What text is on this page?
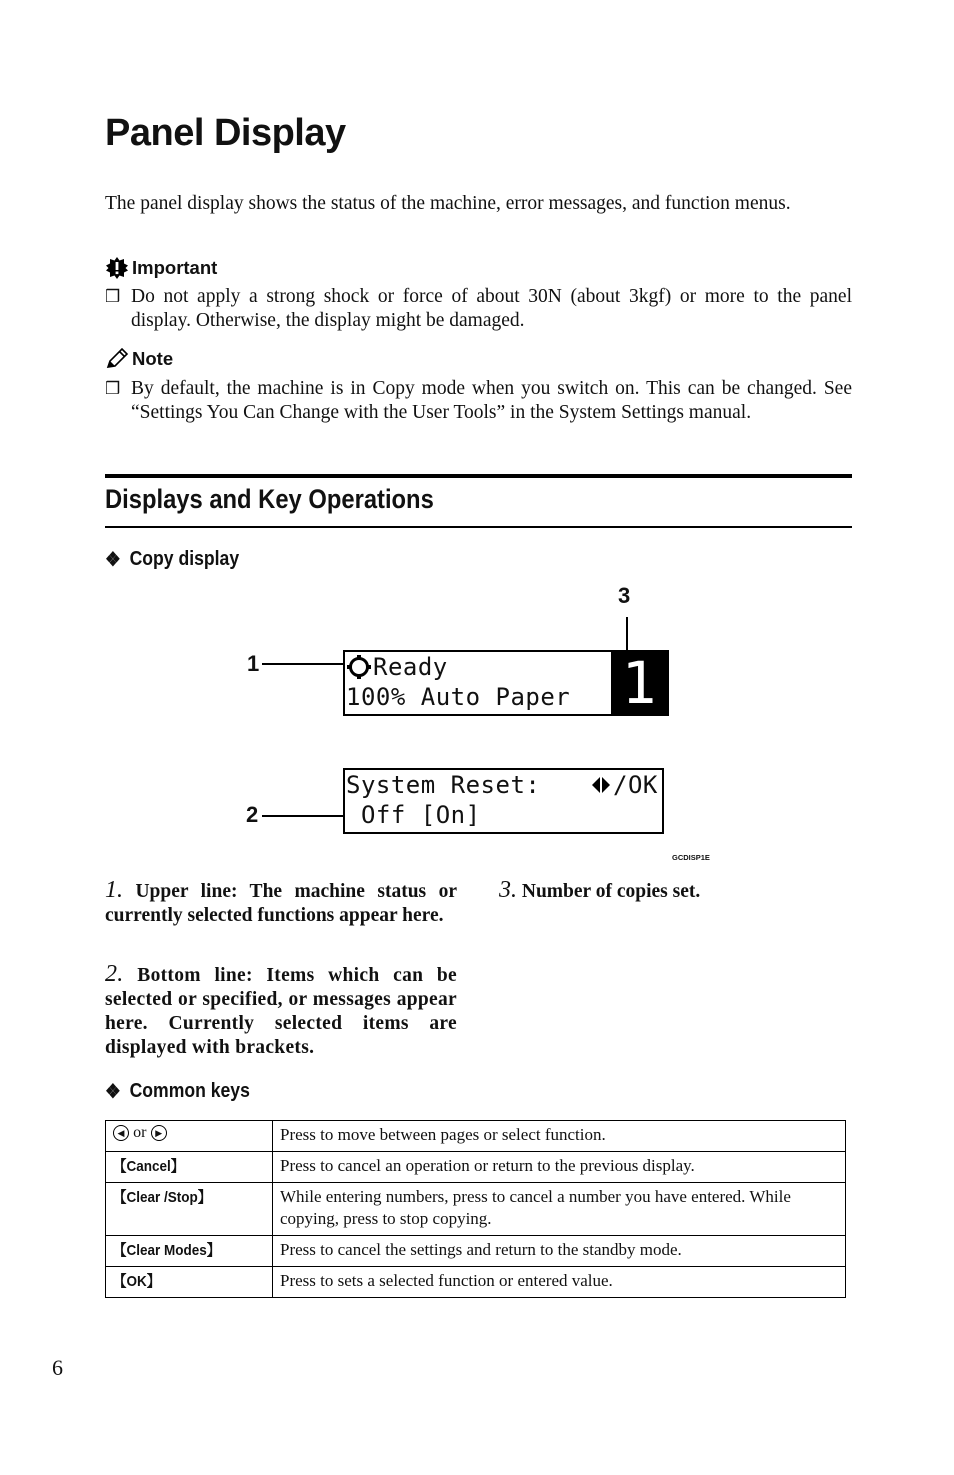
Panel Display
The panel display shows the status of the machine, error messages, and function menus.
Important
❒ Do not apply a strong shock or force of about 30N (about 3kgf) or more to the panel display. Otherwise, the display might be damaged.
Note
❒ By default, the machine is in Copy mode when you switch on. This can be changed. See “Settings You Can Change with the User Tools” in the System Settings manual.
Displays and Key Operations
❖ Copy display
3
1	Ready
100% Auto Paper 1
System Reset:	/OK
Off [On]
2
GCDISP1E
1. Upper line: The machine status or currently selected functions appear here.
2. Bottom line: Items which can be selected or specified, or messages appear here. Currently selected items are displayed with brackets.
3. Number of copies set.
❖ Common keys
◀ or ▶	Press to move between pages or select function.
【Cancel】	Press to cancel an operation or return to the previous display.
【Clear /Stop】	While entering numbers, press to cancel a number you have entered. While copying, press to stop copying.
【Clear Modes】	Press to cancel the settings and return to the standby mode.
【OK】	Press to sets a selected function or entered value.
6
